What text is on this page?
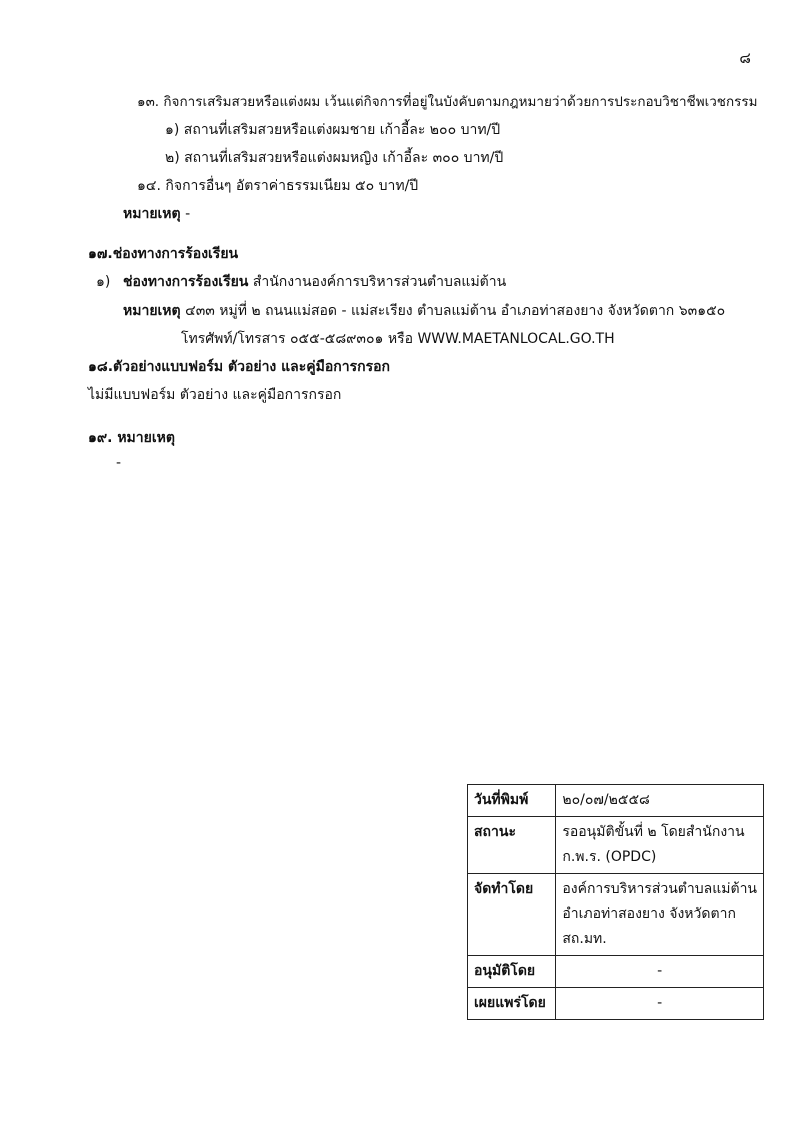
๘
๑๓. กิจการเสริมสวยหรือแต่งผม เว้นแต่กิจการที่อยู่ในบังคับตามกฎหมายว่าด้วยการประกอบวิชาชีพเวชกรรม
๑) สถานที่เสริมสวยหรือแต่งผมชาย เก้าอี้ละ ๒๐๐ บาท/ปี
๒) สถานที่เสริมสวยหรือแต่งผมหญิง เก้าอี้ละ ๓๐๐ บาท/ปี
๑๔. กิจการอื่นๆ อัตราค่าธรรมเนียม ๕๐ บาท/ปี
หมายเหตุ -
๑๗.ช่องทางการร้องเรียน
๑) ช่องทางการร้องเรียน สำนักงานองค์การบริหารส่วนตำบลแม่ต้าน
หมายเหตุ ๔๓๓ หมู่ที่ ๒ ถนนแม่สอด - แม่สะเรียง ตำบลแม่ต้าน อำเภอท่าสองยาง จังหวัดตาก ๖๓๑๕๐
โทรศัพท์/โทรสาร ๐๕๕-๕๘๙๓๐๑ หรือ WWW.MAETANLOCAL.GO.TH
๑๘.ตัวอย่างแบบฟอร์ม ตัวอย่าง และคู่มือการกรอก
ไม่มีแบบฟอร์ม ตัวอย่าง และคู่มือการกรอก
๑๙. หมายเหตุ
-
วันที่พิมพ์	๒๐/๐๗/๒๕๕๘
สถานะ	รออนุมัติขั้นที่ ๒ โดยสำนักงาน
ก.พ.ร. (OPDC)

จัดทำโดย	องค์การบริหารส่วนตำบลแม่ต้าน
อำเภอท่าสองยาง จังหวัดตาก
สถ.มท.

อนุมัติโดย	-
เผยแพร่โดย	-
